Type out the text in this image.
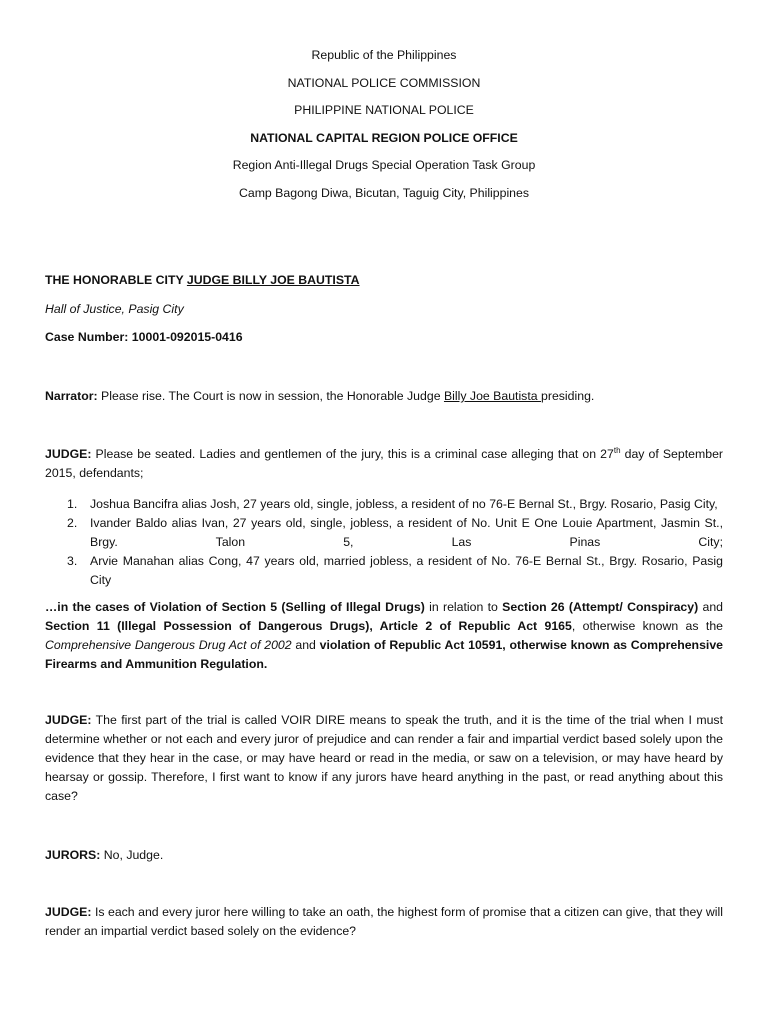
Republic of the Philippines
NATIONAL POLICE COMMISSION
PHILIPPINE NATIONAL POLICE
NATIONAL CAPITAL REGION POLICE OFFICE
Region Anti-Illegal Drugs Special Operation Task Group
Camp Bagong Diwa, Bicutan, Taguig City, Philippines
THE HONORABLE CITY JUDGE BILLY JOE BAUTISTA
Hall of Justice, Pasig City
Case Number: 10001-092015-0416
Narrator: Please rise. The Court is now in session, the Honorable Judge Billy Joe Bautista presiding.
JUDGE: Please be seated. Ladies and gentlemen of the jury, this is a criminal case alleging that on 27th day of September 2015, defendants;
1. Joshua Bancifra alias Josh, 27 years old, single, jobless, a resident of no 76-E Bernal St., Brgy. Rosario, Pasig City,
2. Ivander Baldo alias Ivan, 27 years old, single, jobless, a resident of No. Unit E One Louie Apartment, Jasmin St., Brgy. Talon 5, Las Pinas City;
3. Arvie Manahan alias Cong, 47 years old, married jobless, a resident of No. 76-E Bernal St., Brgy. Rosario, Pasig City
…in the cases of Violation of Section 5 (Selling of Illegal Drugs) in relation to Section 26 (Attempt/ Conspiracy) and Section 11 (Illegal Possession of Dangerous Drugs), Article 2 of Republic Act 9165, otherwise known as the Comprehensive Dangerous Drug Act of 2002 and violation of Republic Act 10591, otherwise known as Comprehensive Firearms and Ammunition Regulation.
JUDGE: The first part of the trial is called VOIR DIRE means to speak the truth, and it is the time of the trial when I must determine whether or not each and every juror of prejudice and can render a fair and impartial verdict based solely upon the evidence that they hear in the case, or may have heard or read in the media, or saw on a television, or may have heard by hearsay or gossip. Therefore, I first want to know if any jurors have heard anything in the past, or read anything about this case?
JURORS: No, Judge.
JUDGE: Is each and every juror here willing to take an oath, the highest form of promise that a citizen can give, that they will render an impartial verdict based solely on the evidence?
